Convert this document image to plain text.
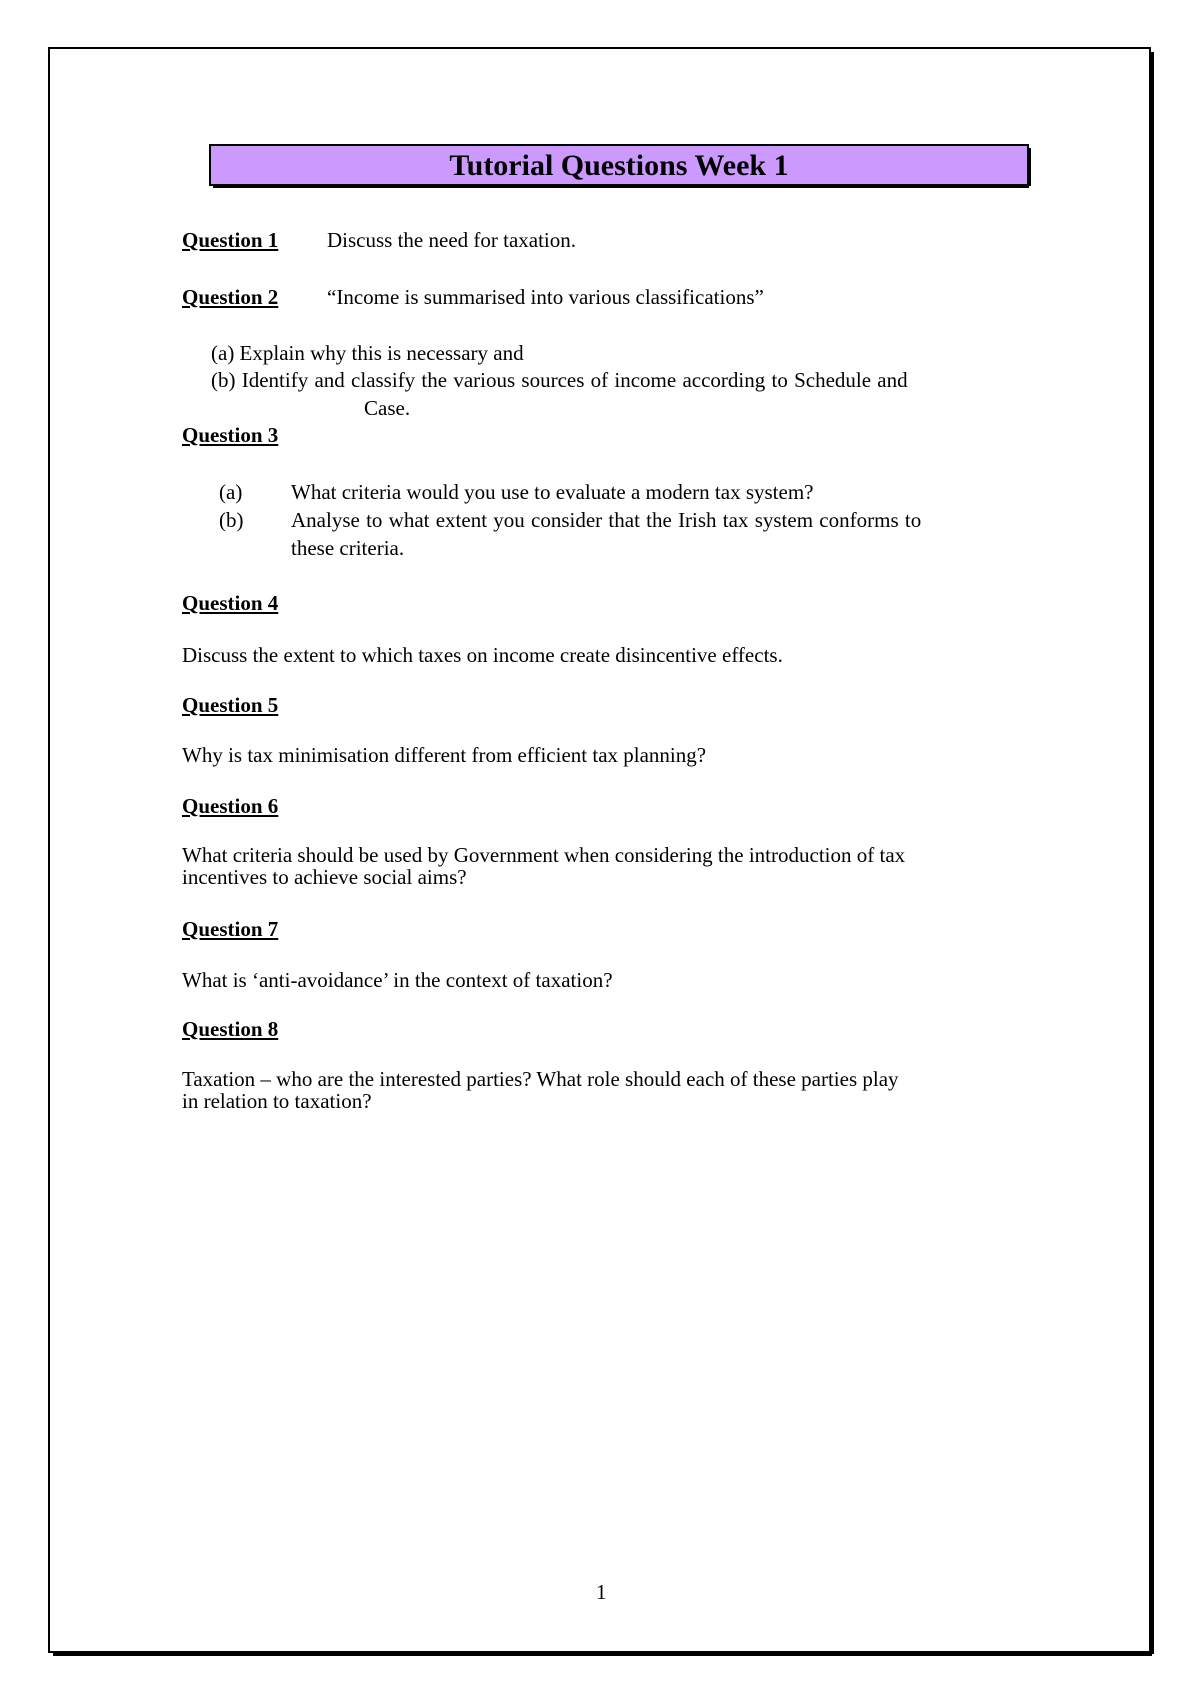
Tutorial Questions Week 1
Question 1 Discuss the need for taxation.
Question 2 “Income is summarised into various classifications”
(a) Explain why this is necessary and
(b) Identify and classify the various sources of income according to Schedule and
Case.
Question 3
(a) What criteria would you use to evaluate a modern tax system?
(b) Analyse to what extent you consider that the Irish tax system conforms to
these criteria.
Question 4
Discuss the extent to which taxes on income create disincentive effects.
Question 5
Why is tax minimisation different from efficient tax planning?
Question 6
What criteria should be used by Government when considering the introduction of tax
incentives to achieve social aims?
Question 7
What is ‘anti-avoidance’ in the context of taxation?
Question 8
Taxation – who are the interested parties? What role should each of these parties play
in relation to taxation?
1
